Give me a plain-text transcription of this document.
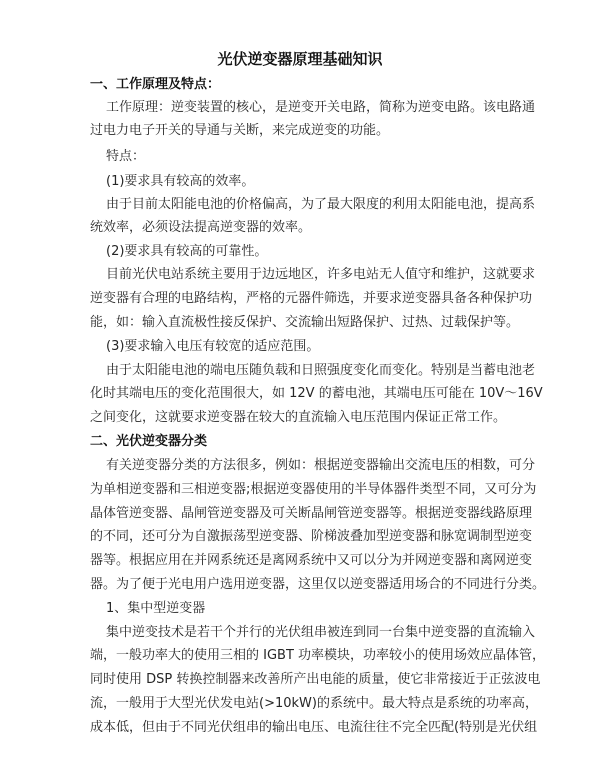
光伏逆变器原理基础知识
一、工作原理及特点：
工作原理：逆变装置的核心，是逆变开关电路，简称为逆变电路。该电路通
过电力电子开关的导通与关断，来完成逆变的功能。
特点：
(1)要求具有较高的效率。
由于目前太阳能电池的价格偏高，为了最大限度的利用太阳能电池，提高系
统效率，必须设法提高逆变器的效率。
(2)要求具有较高的可靠性。
目前光伏电站系统主要用于边远地区，许多电站无人值守和维护，这就要求
逆变器有合理的电路结构，严格的元器件筛选，并要求逆变器具备各种保护功
能，如：输入直流极性接反保护、交流输出短路保护、过热、过载保护等。
(3)要求输入电压有较宽的适应范围。
由于太阳能电池的端电压随负载和日照强度变化而变化。特别是当蓄电池老
化时其端电压的变化范围很大，如 12V 的蓄电池，其端电压可能在 10V～16V
之间变化，这就要求逆变器在较大的直流输入电压范围内保证正常工作。
二、光伏逆变器分类
有关逆变器分类的方法很多，例如：根据逆变器输出交流电压的相数，可分
为单相逆变器和三相逆变器;根据逆变器使用的半导体器件类型不同，又可分为
晶体管逆变器、晶闸管逆变器及可关断晶闸管逆变器等。根据逆变器线路原理
的不同，还可分为自激振荡型逆变器、阶梯波叠加型逆变器和脉宽调制型逆变
器等。根据应用在并网系统还是离网系统中又可以分为并网逆变器和离网逆变
器。为了便于光电用户选用逆变器，这里仅以逆变器适用场合的不同进行分类。
1、集中型逆变器
集中逆变技术是若干个并行的光伏组串被连到同一台集中逆变器的直流输入
端，一般功率大的使用三相的 IGBT 功率模块，功率较小的使用场效应晶体管，
同时使用 DSP 转换控制器来改善所产出电能的质量，使它非常接近于正弦波电
流，一般用于大型光伏发电站(>10kW)的系统中。最大特点是系统的功率高，
成本低，但由于不同光伏组串的输出电压、电流往往不完全匹配(特别是光伏组
